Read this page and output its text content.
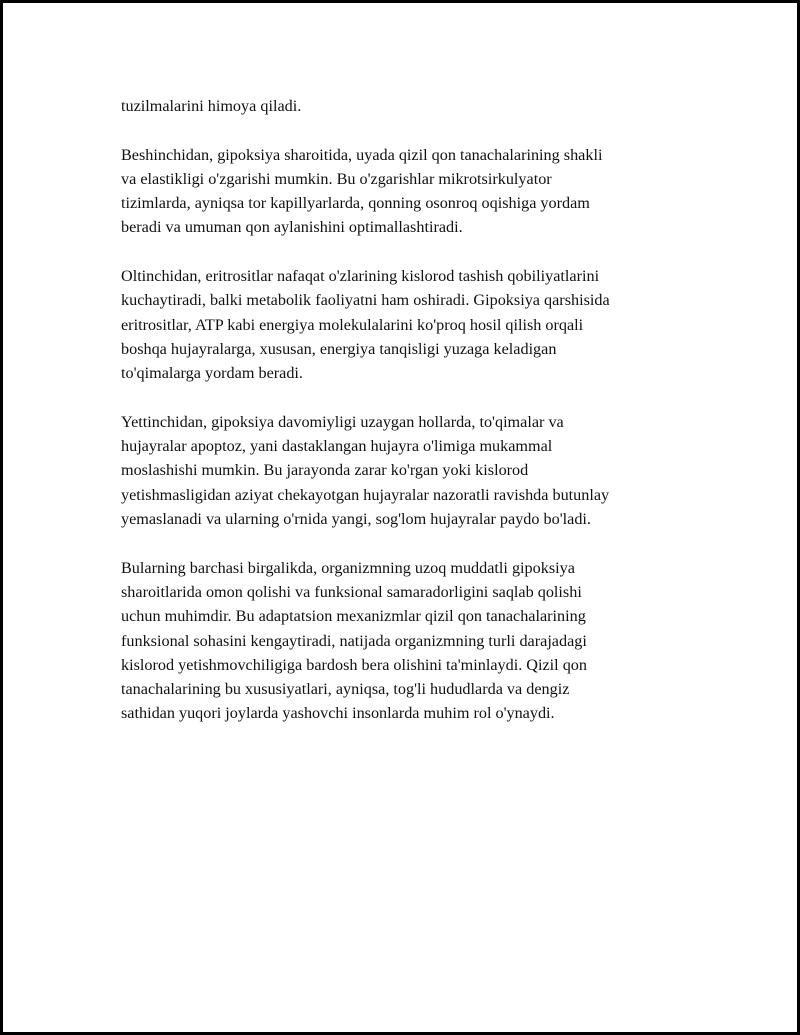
tuzilmalarini himoya qiladi.

Beshinchidan, gipoksiya sharoitida, uyada qizil qon tanachalarining shakli
va elastikligi o'zgarishi mumkin. Bu o'zgarishlar mikrotsirkulyator
tizimlarda, ayniqsa tor kapillyarlarda, qonning osonroq oqishiga yordam
beradi va umuman qon aylanishini optimallashtiradi.

Oltinchidan, eritrositlar nafaqat o'zlarining kislorod tashish qobiliyatlarini
kuchaytiradi, balki metabolik faoliyatni ham oshiradi. Gipoksiya qarshisida
eritrositlar, ATP kabi energiya molekulalarini ko'proq hosil qilish orqali
boshqa hujayralarga, xususan, energiya tanqisligi yuzaga keladigan
to'qimalarga yordam beradi.

Yettinchidan, gipoksiya davomiyligi uzaygan hollarda, to'qimalar va
hujayralar apoptoz, yani dastaklangan hujayra o'limiga mukammal
moslashishi mumkin. Bu jarayonda zarar ko'rgan yoki kislorod
yetishmasligidan aziyat chekayotgan hujayralar nazoratli ravishda butunlay
yemaslanadi va ularning o'rnida yangi, sog'lom hujayralar paydo bo'ladi.

Bularning barchasi birgalikda, organizmning uzoq muddatli gipoksiya
sharoitlarida omon qolishi va funksional samaradorligini saqlab qolishi
uchun muhimdir. Bu adaptatsion mexanizmlar qizil qon tanachalarining
funksional sohasini kengaytiradi, natijada organizmning turli darajadagi
kislorod yetishmovchiligiga bardosh bera olishini ta'minlaydi. Qizil qon
tanachalarining bu xususiyatlari, ayniqsa, tog'li hududlarda va dengiz
sathidan yuqori joylarda yashovchi insonlarda muhim rol o'ynaydi.
